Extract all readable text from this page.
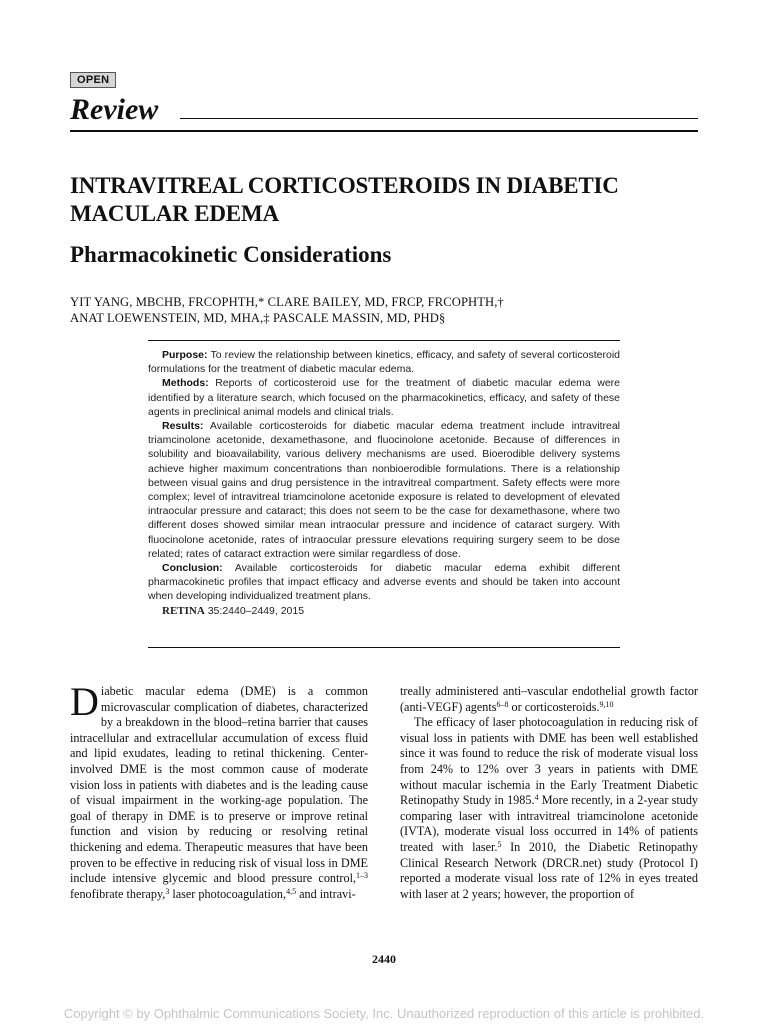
OPEN
Review
INTRAVITREAL CORTICOSTEROIDS IN DIABETIC MACULAR EDEMA
Pharmacokinetic Considerations
YIT YANG, MBCHB, FRCOPHTH,* CLARE BAILEY, MD, FRCP, FRCOPHTH,†
ANAT LOEWENSTEIN, MD, MHA,‡ PASCALE MASSIN, MD, PHD§

Purpose: To review the relationship between kinetics, efficacy, and safety of several corticosteroid formulations for the treatment of diabetic macular edema.

Methods: Reports of corticosteroid use for the treatment of diabetic macular edema were identified by a literature search, which focused on the pharmacokinetics, efficacy, and safety of these agents in preclinical animal models and clinical trials.

Results: Available corticosteroids for diabetic macular edema treatment include intravitreal triamcinolone acetonide, dexamethasone, and fluocinolone acetonide. Because of differences in solubility and bioavailability, various delivery mechanisms are used. Bioerodible delivery systems achieve higher maximum concentrations than nonbioerodible formulations. There is a relationship between visual gains and drug persistence in the intravitreal compartment. Safety effects were more complex; level of intravitreal triamcinolone acetonide exposure is related to development of elevated intraocular pressure and cataract; this does not seem to be the case for dexamethasone, where two different doses showed similar mean intraocular pressure and incidence of cataract surgery. With fluocinolone acetonide, rates of intraocular pressure elevations requiring surgery seem to be dose related; rates of cataract extraction were similar regardless of dose.

Conclusion: Available corticosteroids for diabetic macular edema exhibit different pharmacokinetic profiles that impact efficacy and adverse events and should be taken into account when developing individualized treatment plans.

RETINA 35:2440–2449, 2015

Diabetic macular edema (DME) is a common microvascular complication of diabetes, characterized by a breakdown in the blood–retina barrier that causes intracellular and extracellular accumulation of excess fluid and lipid exudates, leading to retinal thickening. Center-involved DME is the most common cause of moderate vision loss in patients with diabetes and is the leading cause of visual impairment in the working-age population. The goal of therapy in DME is to preserve or improve retinal function and vision by reducing or resolving retinal thickening and edema. Therapeutic measures that have been proven to be effective in reducing risk of visual loss in DME include intensive glycemic and blood pressure control,$^{1-3}$ fenofibrate therapy,$^3$ laser photocoagulation,$^{4,5}$ and intravi-

treally administered anti–vascular endothelial growth factor (anti-VEGF) agents$^{6-8}$ or corticosteroids.$^{9,10}$

The efficacy of laser photocoagulation in reducing risk of visual loss in patients with DME has been well established since it was found to reduce the risk of moderate visual loss from 24% to 12% over 3 years in patients with DME without macular ischemia in the Early Treatment Diabetic Retinopathy Study in 1985.$^4$ More recently, in a 2-year study comparing laser with intravitreal triamcinolone acetonide (IVTA), moderate visual loss occurred in 14% of patients treated with laser.$^5$ In 2010, the Diabetic Retinopathy Clinical Research Network (DRCR.net) study (Protocol I) reported a moderate visual loss rate of 12% in eyes treated with laser at 2 years; however, the proportion of

2440
Copyright © by Ophthalmic Communications Society, Inc. Unauthorized reproduction of this article is prohibited.
